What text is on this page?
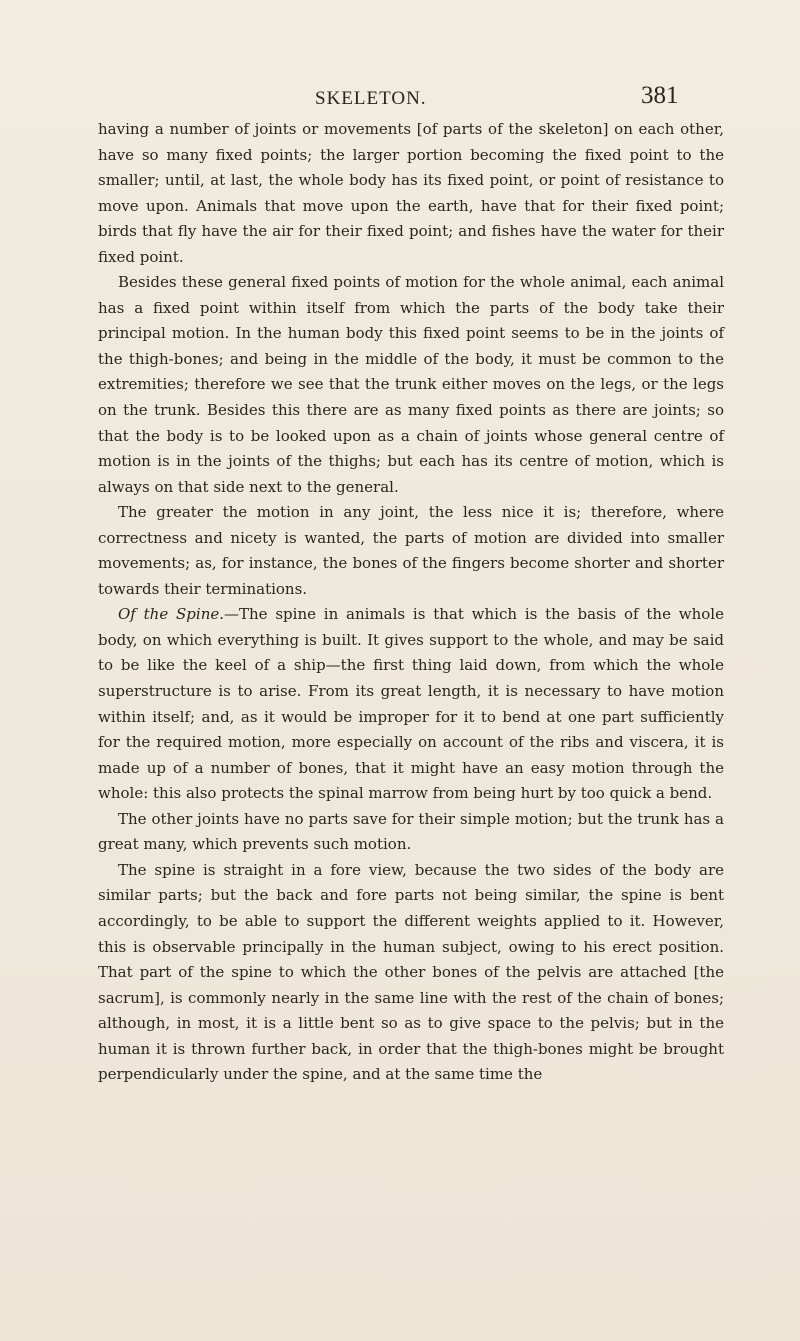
SKELETON.	381

having a number of joints or movements [of parts of the skeleton] on each other, have so many fixed points; the larger portion becoming the fixed point to the smaller; until, at last, the whole body has its fixed point, or point of resistance to move upon. Animals that move upon the earth, have that for their fixed point; birds that fly have the air for their fixed point; and fishes have the water for their fixed point.

Besides these general fixed points of motion for the whole animal, each animal has a fixed point within itself from which the parts of the body take their principal motion. In the human body this fixed point seems to be in the joints of the thigh-bones; and being in the middle of the body, it must be common to the extremities; therefore we see that the trunk either moves on the legs, or the legs on the trunk. Besides this there are as many fixed points as there are joints; so that the body is to be looked upon as a chain of joints whose general centre of motion is in the joints of the thighs; but each has its centre of motion, which is always on that side next to the general.

The greater the motion in any joint, the less nice it is; therefore, where correctness and nicety is wanted, the parts of motion are divided into smaller movements; as, for instance, the bones of the fingers become shorter and shorter towards their terminations.

Of the Spine.—The spine in animals is that which is the basis of the whole body, on which everything is built. It gives support to the whole, and may be said to be like the keel of a ship—the first thing laid down, from which the whole superstructure is to arise. From its great length, it is necessary to have motion within itself; and, as it would be improper for it to bend at one part sufficiently for the required motion, more especially on account of the ribs and viscera, it is made up of a number of bones, that it might have an easy motion through the whole: this also protects the spinal marrow from being hurt by too quick a bend.

The other joints have no parts save for their simple motion; but the trunk has a great many, which prevents such motion.

The spine is straight in a fore view, because the two sides of the body are similar parts; but the back and fore parts not being similar, the spine is bent accordingly, to be able to support the different weights applied to it. However, this is observable principally in the human subject, owing to his erect position. That part of the spine to which the other bones of the pelvis are attached [the sacrum], is commonly nearly in the same line with the rest of the chain of bones; although, in most, it is a little bent so as to give space to the pelvis; but in the human it is thrown further back, in order that the thigh-bones might be brought perpendicularly under the spine, and at the same time the
